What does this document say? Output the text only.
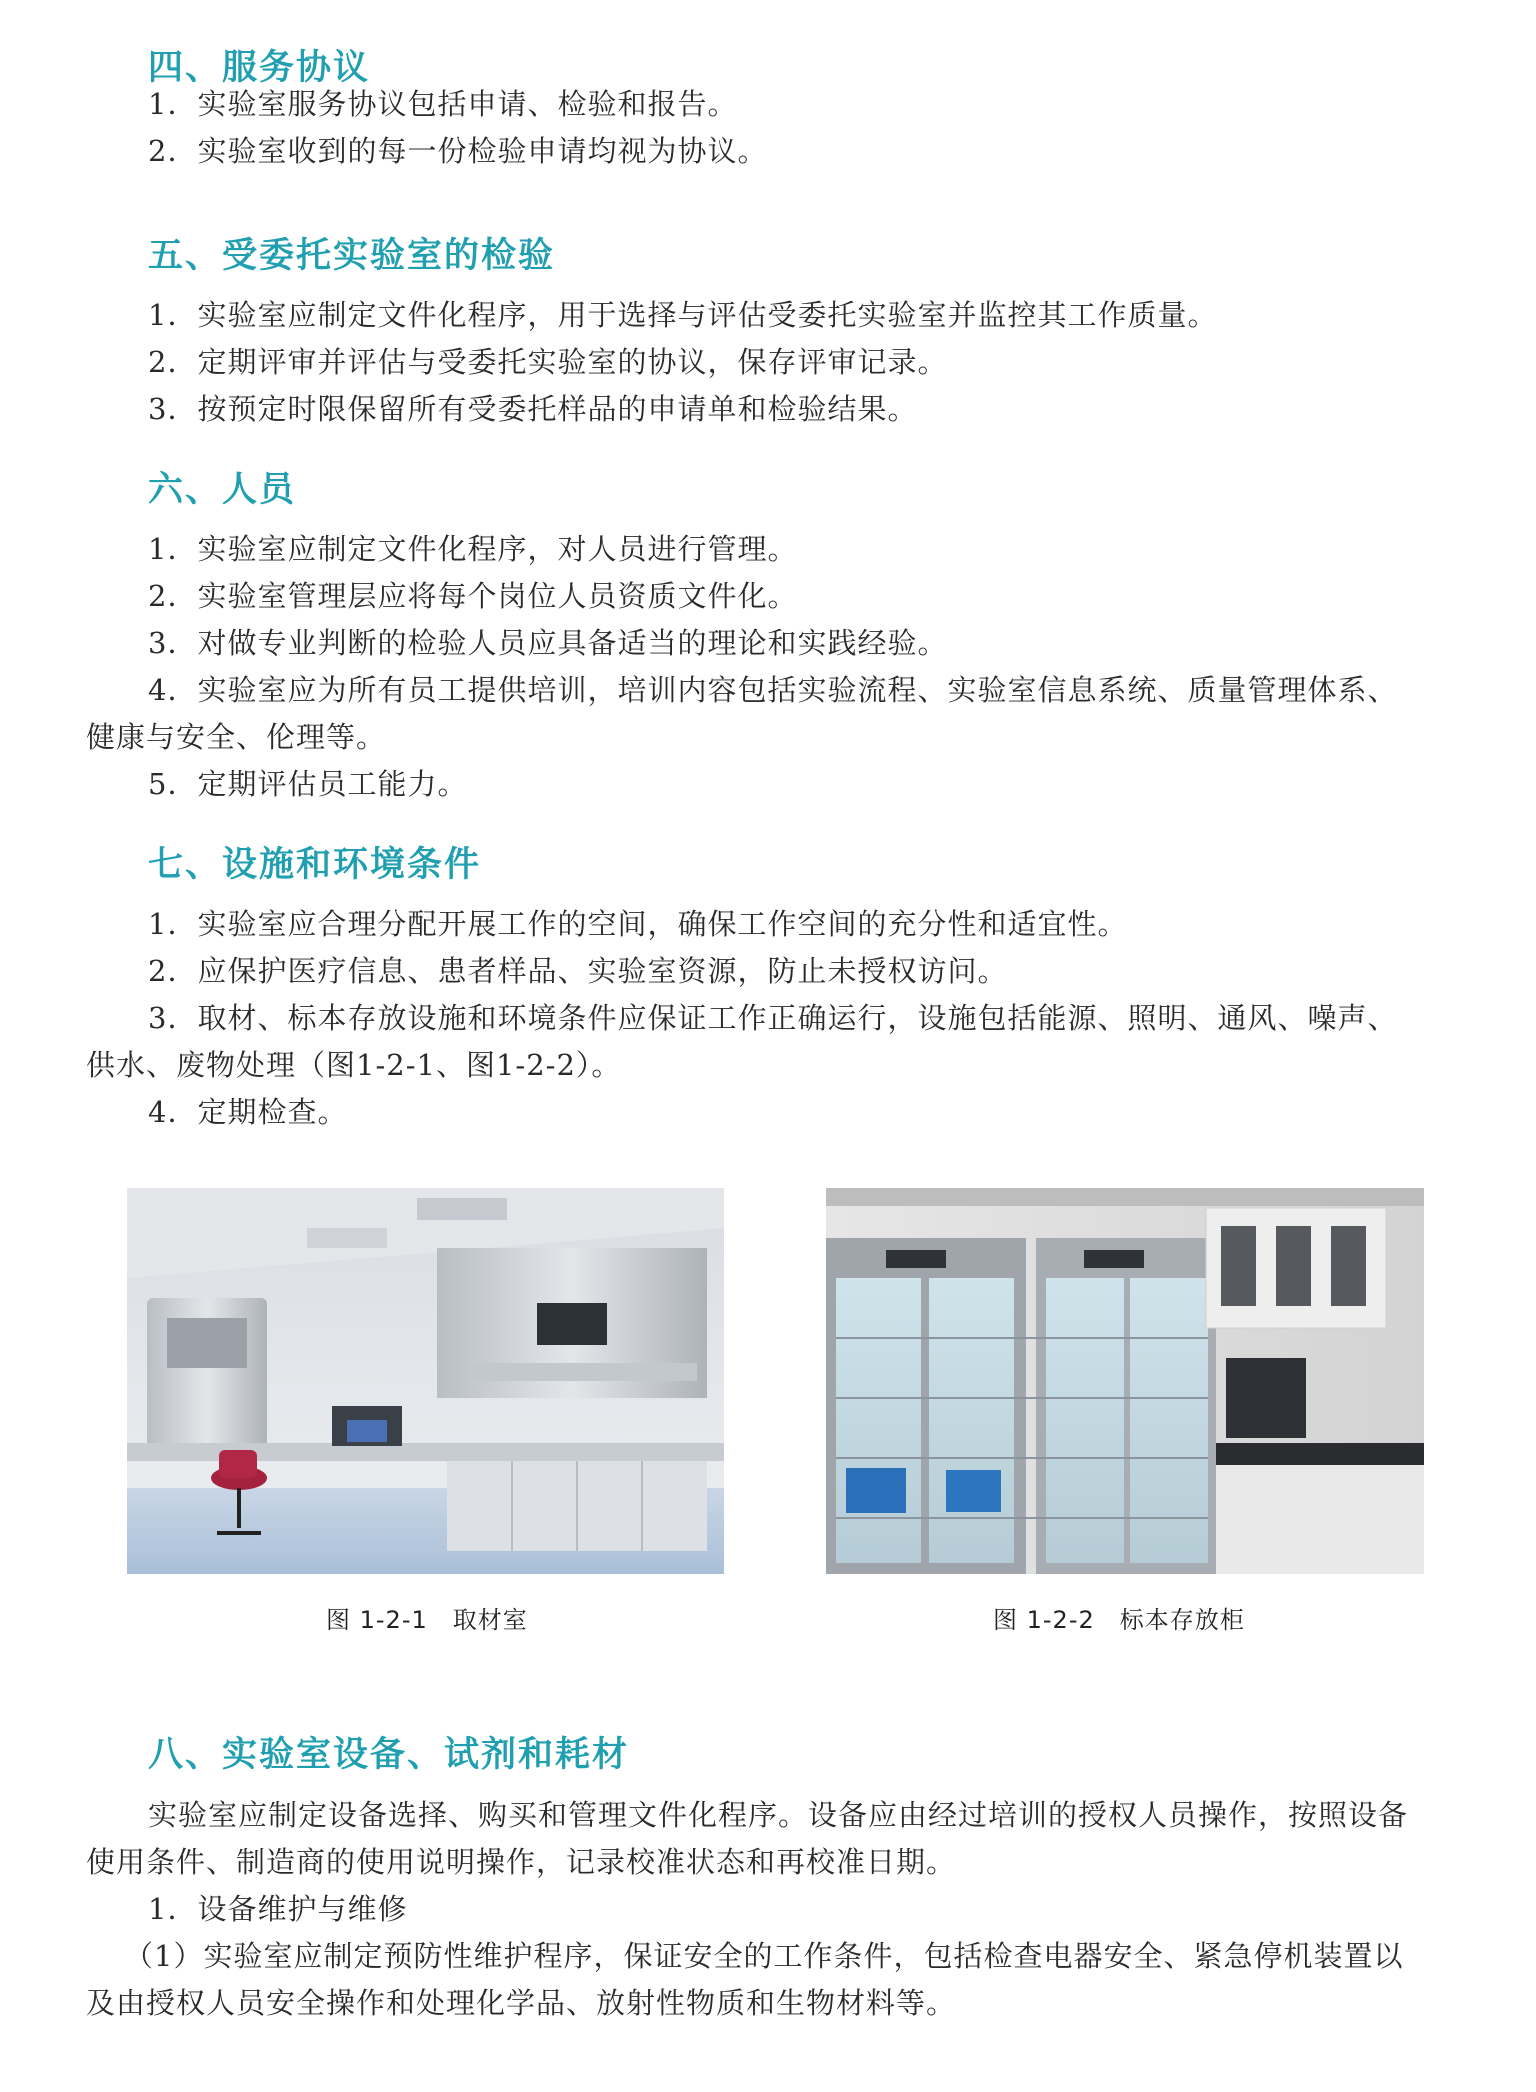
四、服务协议
1．实验室服务协议包括申请、检验和报告。
2．实验室收到的每一份检验申请均视为协议。
五、受委托实验室的检验
1．实验室应制定文件化程序，用于选择与评估受委托实验室并监控其工作质量。
2．定期评审并评估与受委托实验室的协议，保存评审记录。
3．按预定时限保留所有受委托样品的申请单和检验结果。
六、人员
1．实验室应制定文件化程序，对人员进行管理。
2．实验室管理层应将每个岗位人员资质文件化。
3．对做专业判断的检验人员应具备适当的理论和实践经验。
4．实验室应为所有员工提供培训，培训内容包括实验流程、实验室信息系统、质量管理体系、
健康与安全、伦理等。
5．定期评估员工能力。
七、设施和环境条件
1．实验室应合理分配开展工作的空间，确保工作空间的充分性和适宜性。
2．应保护医疗信息、患者样品、实验室资源，防止未授权访问。
3．取材、标本存放设施和环境条件应保证工作正确运行，设施包括能源、照明、通风、噪声、
供水、废物处理（图1-2-1、图1-2-2）。
4．定期检查。
图 1-2-1　取材室	图 1-2-2　标本存放柜
八、实验室设备、试剂和耗材
实验室应制定设备选择、购买和管理文件化程序。设备应由经过培训的授权人员操作，按照设备
使用条件、制造商的使用说明操作，记录校准状态和再校准日期。
1．设备维护与维修
（1）实验室应制定预防性维护程序，保证安全的工作条件，包括检查电器安全、紧急停机装置以
及由授权人员安全操作和处理化学品、放射性物质和生物材料等。
